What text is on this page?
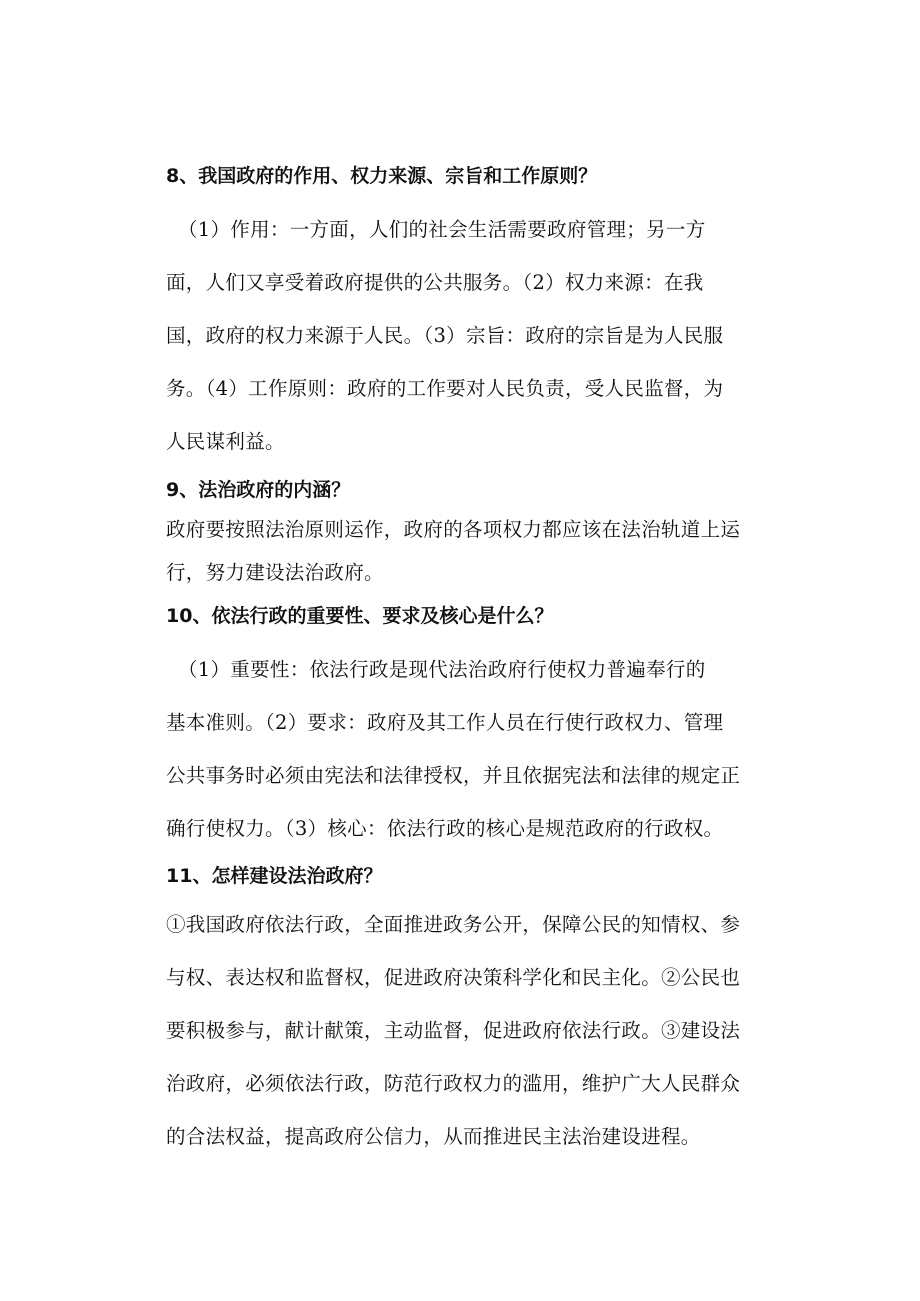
8、我国政府的作用、权力来源、宗旨和工作原则？

（1）作用：一方面，人们的社会生活需要政府管理；另一方
面，人们又享受着政府提供的公共服务。（2）权力来源：在我
国，政府的权力来源于人民。（3）宗旨：政府的宗旨是为人民服
务。（4）工作原则：政府的工作要对人民负责，受人民监督，为
人民谋利益。

9、法治政府的内涵？

政府要按照法治原则运作，政府的各项权力都应该在法治轨道上运
行，努力建设法治政府。

10、依法行政的重要性、要求及核心是什么？

（1）重要性：依法行政是现代法治政府行使权力普遍奉行的
基本准则。（2）要求：政府及其工作人员在行使行政权力、管理
公共事务时必须由宪法和法律授权，并且依据宪法和法律的规定正
确行使权力。（3）核心：依法行政的核心是规范政府的行政权。

11、怎样建设法治政府？

①我国政府依法行政，全面推进政务公开，保障公民的知情权、参
与权、表达权和监督权，促进政府决策科学化和民主化。②公民也
要积极参与，献计献策，主动监督，促进政府依法行政。③建设法
治政府，必须依法行政，防范行政权力的滥用，维护广大人民群众
的合法权益，提高政府公信力，从而推进民主法治建设进程。
